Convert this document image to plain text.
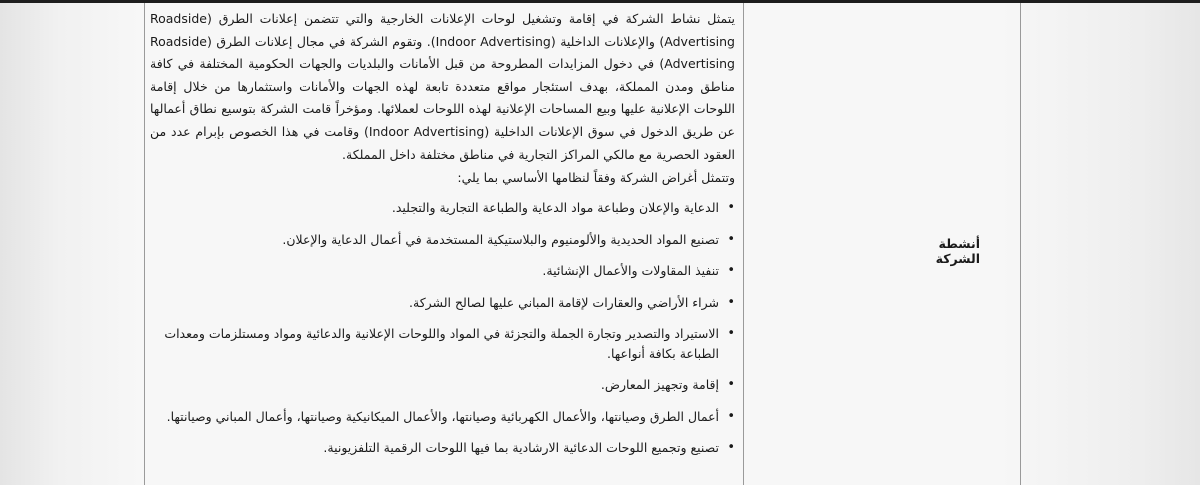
أنشطة الشركة

يتمثل نشاط الشركة في إقامة وتشغيل لوحات الإعلانات الخارجية والتي تتضمن إعلانات الطرق (Roadside Advertising) والإعلانات الداخلية (Indoor Advertising). وتقوم الشركة في مجال إعلانات الطرق (Roadside Advertising) في دخول المزايدات المطروحة من قبل الأمانات والبلديات والجهات الحكومية المختلفة في كافة مناطق ومدن المملكة، بهدف استئجار مواقع متعددة تابعة لهذه الجهات والأمانات واستثمارها من خلال إقامة اللوحات الإعلانية عليها وبيع المساحات الإعلانية لهذه اللوحات لعملائها. ومؤخراً قامت الشركة بتوسيع نطاق أعمالها عن طريق الدخول في سوق الإعلانات الداخلية (Indoor Advertising) وقامت في هذا الخصوص بإبرام عدد من العقود الحصرية مع مالكي المراكز التجارية في مناطق مختلفة داخل المملكة.

وتتمثل أغراض الشركة وفقاً لنظامها الأساسي بما يلي:

• الدعاية والإعلان وطباعة مواد الدعاية والطباعة التجارية والتجليد.
• تصنيع المواد الحديدية والألومنيوم والبلاستيكية المستخدمة في أعمال الدعاية والإعلان.
• تنفيذ المقاولات والأعمال الإنشائية.
• شراء الأراضي والعقارات لإقامة المباني عليها لصالح الشركة.
• الاستيراد والتصدير وتجارة الجملة والتجزئة في المواد واللوحات الإعلانية والدعائية ومواد ومستلزمات ومعدات الطباعة بكافة أنواعها.
• إقامة وتجهيز المعارض.
• أعمال الطرق وصيانتها، والأعمال الكهربائية وصيانتها، والأعمال الميكانيكية وصيانتها، وأعمال المباني وصيانتها.
• تصنيع وتجميع اللوحات الدعائية الارشادية بما فيها اللوحات الرقمية التلفزيونية.
